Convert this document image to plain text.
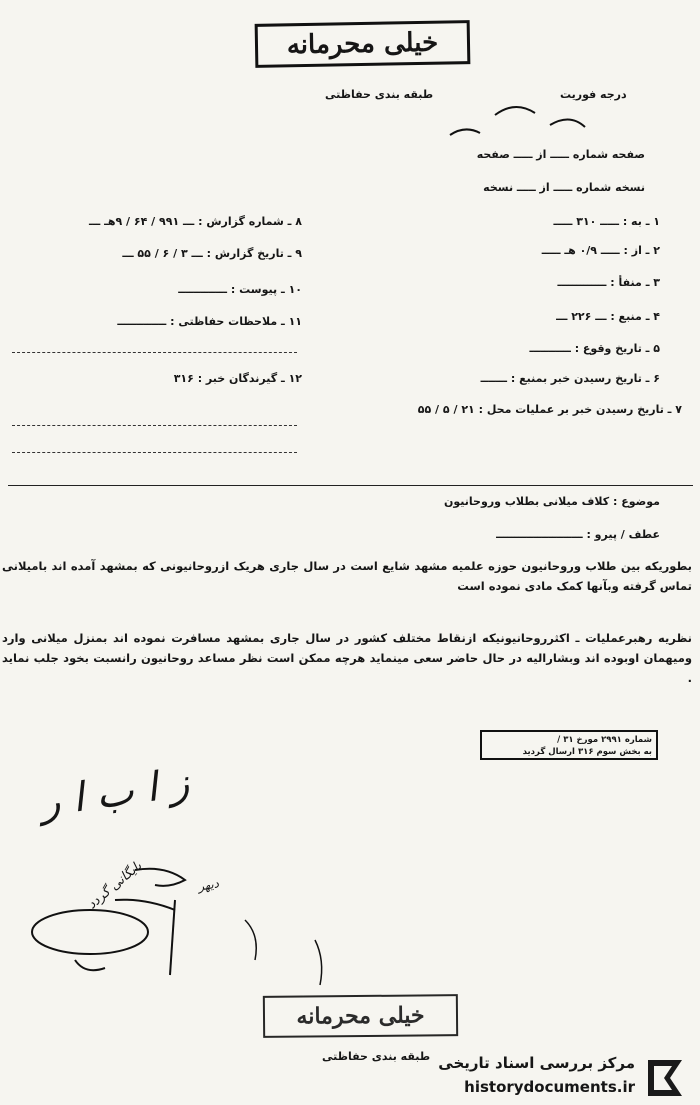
خیلی محرمانه
طبقه بندی حفاظتی	درجه فوریت
صفحه شماره ـــــ از ـــــ صفحه
نسخه شماره ـــــ از ـــــ نسخه
۱ ـ به : ـــــ ۳۱۰ ـــــ
۲ ـ از : ـــــ ۰/۹ هـ ـــــ
۳ ـ منفأ : ـــــــــــــ
۴ ـ منبع : ـــ ۲۲۶ ـــ
۵ ـ تاریخ وقوع : ـــــــــــ
۶ ـ تاریخ رسیدن خبر بمنبع : ـــــــ
۷ ـ تاریخ رسیدن خبر بر عملیات محل : ۲۱ / ۵ / ۵۵
۸ ـ شماره گزارش : ـــ ۹۹۱ / ۶۴ / ۹هـ ـــ
۹ ـ تاریخ گزارش : ـــ ۳ / ۶ / ۵۵ ـــ
۱۰ ـ پیوست : ـــــــــــــ
۱۱ ـ ملاحظات حفاظتی : ـــــــــــــ
۱۲ ـ گیرندگان خبر : ۳۱۶
موضوع : کلاف میلانی بطلاب وروحانیون
عطف / پیرو : ـــــــــــــــــــــــ
بطوریکه بین طلاب وروحانیون حوزه علمیه مشهد شایع است در سال جاری هریک ازروحانیونی که بمشهد آمده اند بامیلانی تماس گرفته وبآنها کمک مادی نموده است
نظریه رهبرعملیات ـ اکثرروحانیونیکه ازنقاط مختلف کشور در سال جاری بمشهد مسافرت نموده اند بمنزل میلانی وارد ومیهمان اوبوده اند وبشارالیه در حال حاضر سعی مینماید هرچه ممکن است نظر مساعد روحانیون رانسبت بخود جلب نماید .
شماره ۲۹۹۱ مورخ ۳۱ /
به بخش سوم ۳۱۶ ارسال گردید
ز ا ب ا ر
دیهر
بایگانی گردد
خیلی محرمانه
طبقه بندی حفاظتی مرکز بررسی اسناد تاریخی
historydocuments.ir
